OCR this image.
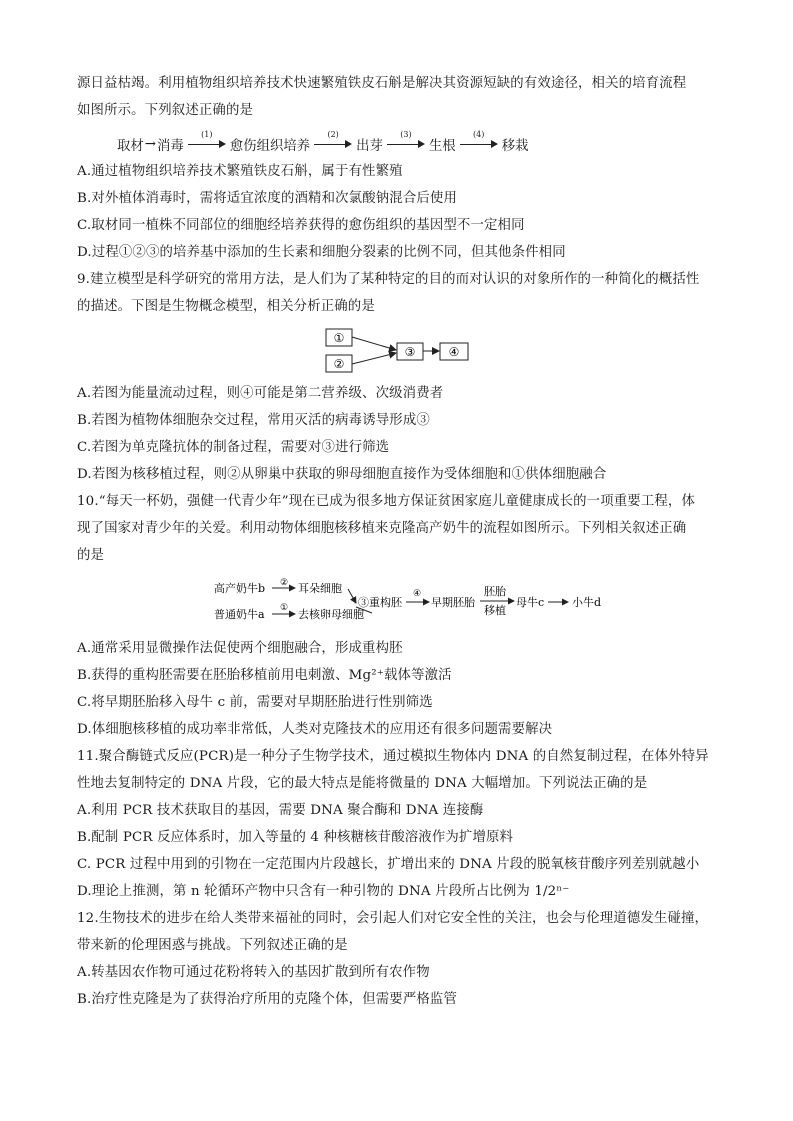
源日益枯竭。利用植物组织培养技术快速繁殖铁皮石斛是解决其资源短缺的有效途径，相关的培育流程
如图所示。下列叙述正确的是
取材 → 消毒
(1)
愈伤组织培养
(2)
出芽
(3)
生根
(4)
移栽
A.通过植物组织培养技术繁殖铁皮石斛，属于有性繁殖
B.对外植体消毒时，需将适宜浓度的酒精和次氯酸钠混合后使用
C.取材同一植株不同部位的细胞经培养获得的愈伤组织的基因型不一定相同
D.过程①②③的培养基中添加的生长素和细胞分裂素的比例不同，但其他条件相同
9.建立模型是科学研究的常用方法，是人们为了某种特定的目的而对认识的对象所作的一种简化的概括性
的描述。下图是生物概念模型，相关分析正确的是
①
②
③	④
A.若图为能量流动过程，则④可能是第二营养级、次级消费者
B.若图为植物体细胞杂交过程，常用灭活的病毒诱导形成③
C.若图为单克隆抗体的制备过程，需要对③进行筛选
D.若图为核移植过程，则②从卵巢中获取的卵母细胞直接作为受体细胞和①供体细胞融合
10.“每天一杯奶，强健一代青少年”现在已成为很多地方保证贫困家庭儿童健康成长的一项重要工程，体
现了国家对青少年的关爱。利用动物体细胞核移植来克隆高产奶牛的流程如图所示。下列相关叙述正确
的是
高产奶牛b ② 耳朵细胞
普通奶牛a ① 去核卵母细胞
③重构胚
④
早期胚胎
胚胎
移植
母牛c	小牛d
A.通常采用显微操作法促使两个细胞融合，形成重构胚
B.获得的重构胚需要在胚胎移植前用电刺激、Mg²⁺载体等激活
C.将早期胚胎移入母牛 c 前，需要对早期胚胎进行性别筛选
D.体细胞核移植的成功率非常低，人类对克隆技术的应用还有很多问题需要解决
11.聚合酶链式反应(PCR)是一种分子生物学技术，通过模拟生物体内 DNA 的自然复制过程，在体外特异
性地去复制特定的 DNA 片段，它的最大特点是能将微量的 DNA 大幅增加。下列说法正确的是
A.利用 PCR 技术获取目的基因，需要 DNA 聚合酶和 DNA 连接酶
B.配制 PCR 反应体系时，加入等量的 4 种核糖核苷酸溶液作为扩增原料
C. PCR 过程中用到的引物在一定范围内片段越长，扩增出来的 DNA 片段的脱氧核苷酸序列差别就越小
D.理论上推测，第 n 轮循环产物中只含有一种引物的 DNA 片段所占比例为 1/2ⁿ⁻
12.生物技术的进步在给人类带来福祉的同时，会引起人们对它安全性的关注，也会与伦理道德发生碰撞，
带来新的伦理困惑与挑战。下列叙述正确的是
A.转基因农作物可通过花粉将转入的基因扩散到所有农作物
B.治疗性克隆是为了获得治疗所用的克隆个体，但需要严格监管
